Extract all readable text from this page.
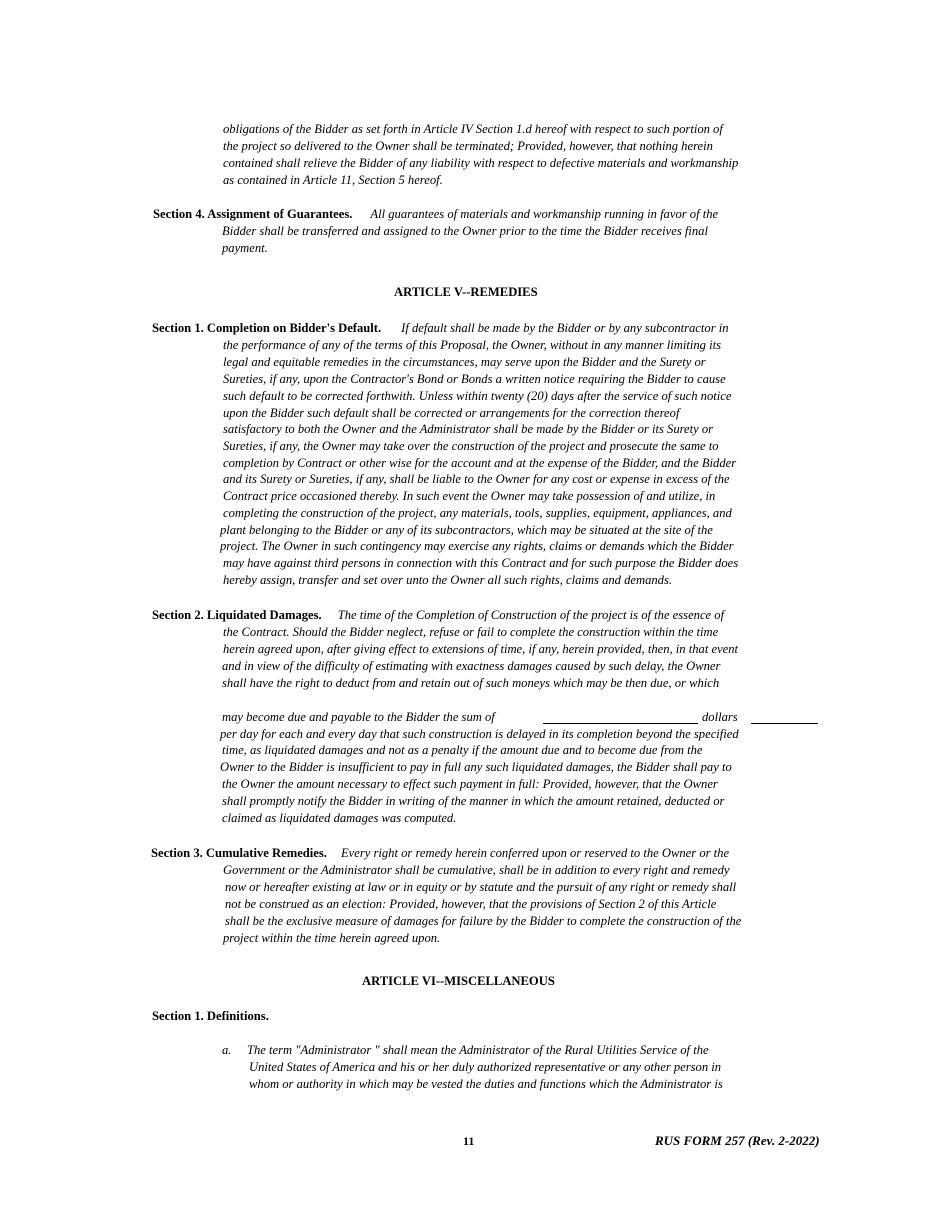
obligations of the Bidder as set forth in Article IV Section 1.d hereof with respect to such portion of
the project so delivered to the Owner shall be terminated; Provided, however, that nothing herein
contained shall relieve the Bidder of any liability with respect to defective materials and workmanship
as contained in Article 11, Section 5 hereof.
Section 4. Assignment of Guarantees. All guarantees of materials and workmanship running in favor of the
Bidder shall be transferred and assigned to the Owner prior to the time the Bidder receives final
payment.
ARTICLE V--REMEDIES
Section 1. Completion on Bidder's Default. If default shall be made by the Bidder or by any subcontractor in
the performance of any of the terms of this Proposal, the Owner, without in any manner limiting its
legal and equitable remedies in the circumstances, may serve upon the Bidder and the Surety or
Sureties, if any, upon the Contractor's Bond or Bonds a written notice requiring the Bidder to cause
such default to be corrected forthwith. Unless within twenty (20) days after the service of such notice
upon the Bidder such default shall be corrected or arrangements for the correction thereof
satisfactory to both the Owner and the Administrator shall be made by the Bidder or its Surety or
Sureties, if any, the Owner may take over the construction of the project and prosecute the same to
completion by Contract or other wise for the account and at the expense of the Bidder, and the Bidder
and its Surety or Sureties, if any, shall be liable to the Owner for any cost or expense in excess of the
Contract price occasioned thereby. In such event the Owner may take possession of and utilize, in
completing the construction of the project, any materials, tools, supplies, equipment, appliances, and
plant belonging to the Bidder or any of its subcontractors, which may be situated at the site of the
project. The Owner in such contingency may exercise any rights, claims or demands which the Bidder
may have against third persons in connection with this Contract and for such purpose the Bidder does
hereby assign, transfer and set over unto the Owner all such rights, claims and demands.
Section 2. Liquidated Damages. The time of the Completion of Construction of the project is of the essence of
the Contract. Should the Bidder neglect, refuse or fail to complete the construction within the time
herein agreed upon, after giving effect to extensions of time, if any, herein provided, then, in that event
and in view of the difficulty of estimating with exactness damages caused by such delay, the Owner
shall have the right to deduct from and retain out of such moneys which may be then due, or which
may become due and payable to the Bidder the sum of	dollars
per day for each and every day that such construction is delayed in its completion beyond the specified
time, as liquidated damages and not as a penalty if the amount due and to become due from the
Owner to the Bidder is insufficient to pay in full any such liquidated damages, the Bidder shall pay to
the Owner the amount necessary to effect such payment in full: Provided, however, that the Owner
shall promptly notify the Bidder in writing of the manner in which the amount retained, deducted or
claimed as liquidated damages was computed.
Section 3. Cumulative Remedies. Every right or remedy herein conferred upon or reserved to the Owner or the
Government or the Administrator shall be cumulative, shall be in addition to every right and remedy
now or hereafter existing at law or in equity or by statute and the pursuit of any right or remedy shall
not be construed as an election: Provided, however, that the provisions of Section 2 of this Article
shall be the exclusive measure of damages for failure by the Bidder to complete the construction of the
project within the time herein agreed upon.
ARTICLE VI--MISCELLANEOUS
Section 1. Definitions.
a. The term "Administrator " shall mean the Administrator of the Rural Utilities Service of the
United States of America and his or her duly authorized representative or any other person in
whom or authority in which may be vested the duties and functions which the Administrator is
11	RUS FORM 257 (Rev. 2-2022)
